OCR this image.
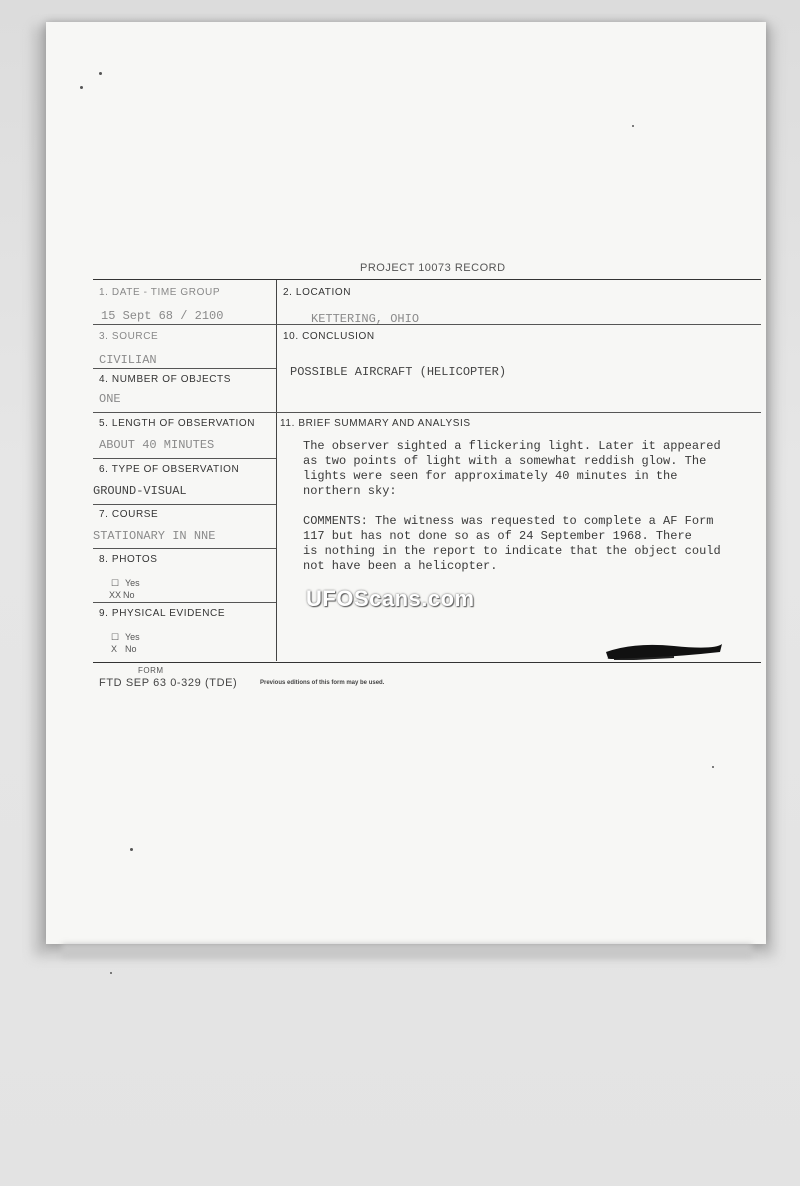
PROJECT 10073 RECORD
1. DATE - TIME GROUP
15 Sept 68 / 2100
2. LOCATION
KETTERING, OHIO
3. SOURCE
CIVILIAN
4. NUMBER OF OBJECTS
ONE
10. CONCLUSION
POSSIBLE AIRCRAFT (HELICOPTER)
5. LENGTH OF OBSERVATION
ABOUT 40 MINUTES
6. TYPE OF OBSERVATION
GROUND-VISUAL
7. COURSE
STATIONARY IN NNE
8. PHOTOS
☐ Yes
XX No
9. PHYSICAL EVIDENCE
☐ Yes
X No
11. BRIEF SUMMARY AND ANALYSIS
The observer sighted a flickering light. Later it appeared
as two points of light with a somewhat reddish glow. The
lights were seen for approximately 40 minutes in the
northern sky:
COMMENTS: The witness was requested to complete a AF Form
117 but has not done so as of 24 September 1968. There
is nothing in the report to indicate that the object could
not have been a helicopter.
UFOScans.com
FORM
FTD SEP 63 0-329 (TDE)	Previous editions of this form may be used.
